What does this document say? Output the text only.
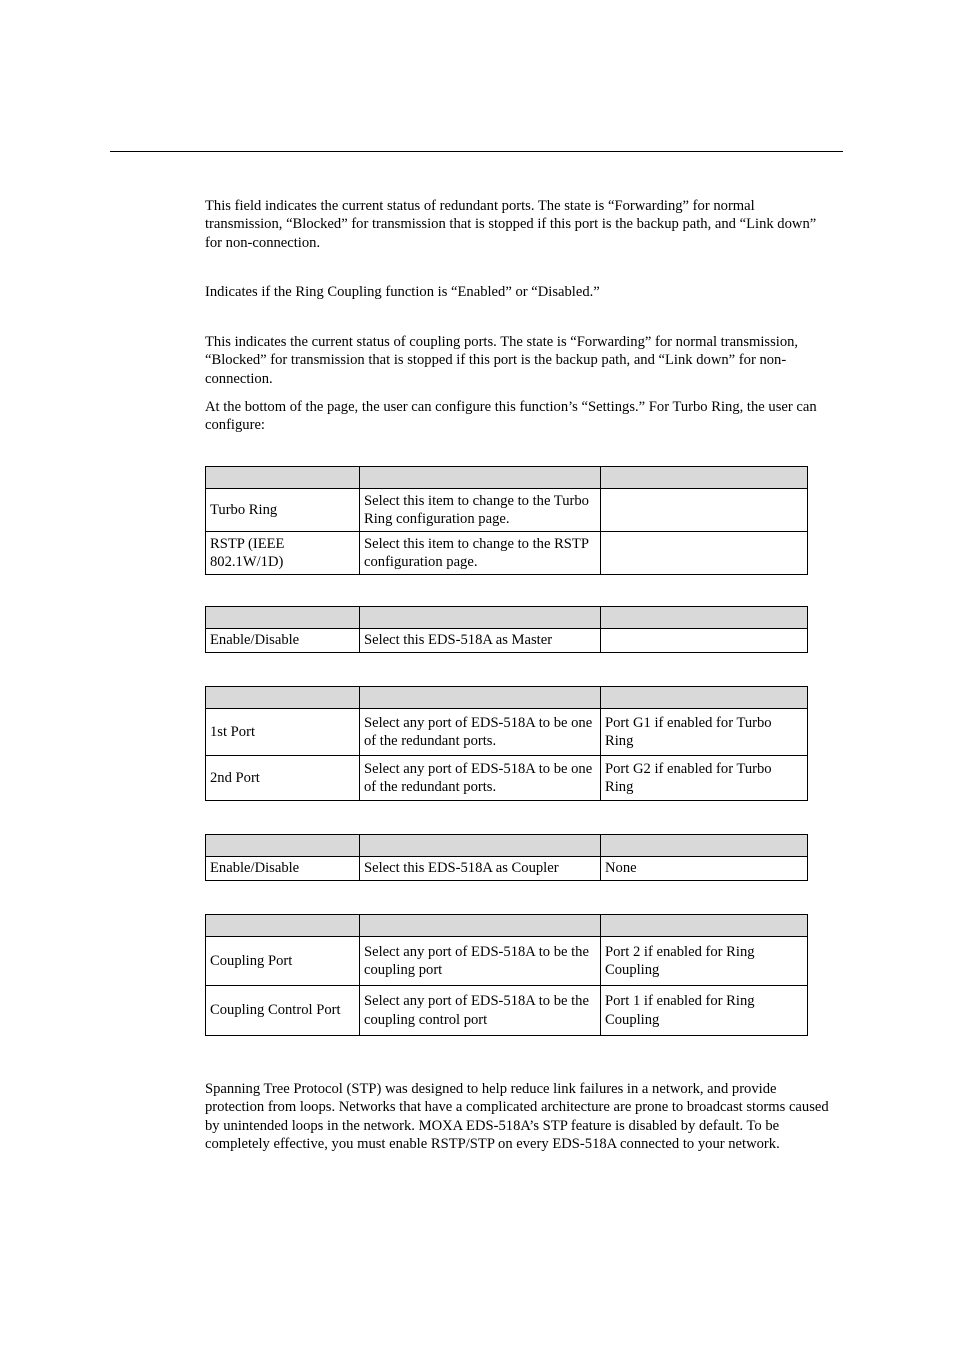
This field indicates the current status of redundant ports. The state is “Forwarding” for normal transmission, “Blocked” for transmission that is stopped if this port is the backup path, and “Link down” for non-connection.

Indicates if the Ring Coupling function is “Enabled” or “Disabled.”

This indicates the current status of coupling ports. The state is “Forwarding” for normal transmission, “Blocked” for transmission that is stopped if this port is the backup path, and “Link down” for non-connection.

At the bottom of the page, the user can configure this function’s “Settings.” For Turbo Ring, the user can configure:

Turbo Ring	Select this item to change to the Turbo Ring configuration page.	
RSTP (IEEE 802.1W/1D)	Select this item to change to the RSTP configuration page.	

Enable/Disable	Select this EDS-518A as Master	

1st Port	Select any port of EDS-518A to be one of the redundant ports.	Port G1 if enabled for Turbo Ring
2nd Port	Select any port of EDS-518A to be one of the redundant ports.	Port G2 if enabled for Turbo Ring

Enable/Disable	Select this EDS-518A as Coupler	None

Coupling Port	Select any port of EDS-518A to be the coupling port	Port 2 if enabled for Ring Coupling
Coupling Control Port	Select any port of EDS-518A to be the coupling control port	Port 1 if enabled for Ring Coupling

Spanning Tree Protocol (STP) was designed to help reduce link failures in a network, and provide protection from loops. Networks that have a complicated architecture are prone to broadcast storms caused by unintended loops in the network. MOXA EDS-518A’s STP feature is disabled by default. To be completely effective, you must enable RSTP/STP on every EDS-518A connected to your network.
